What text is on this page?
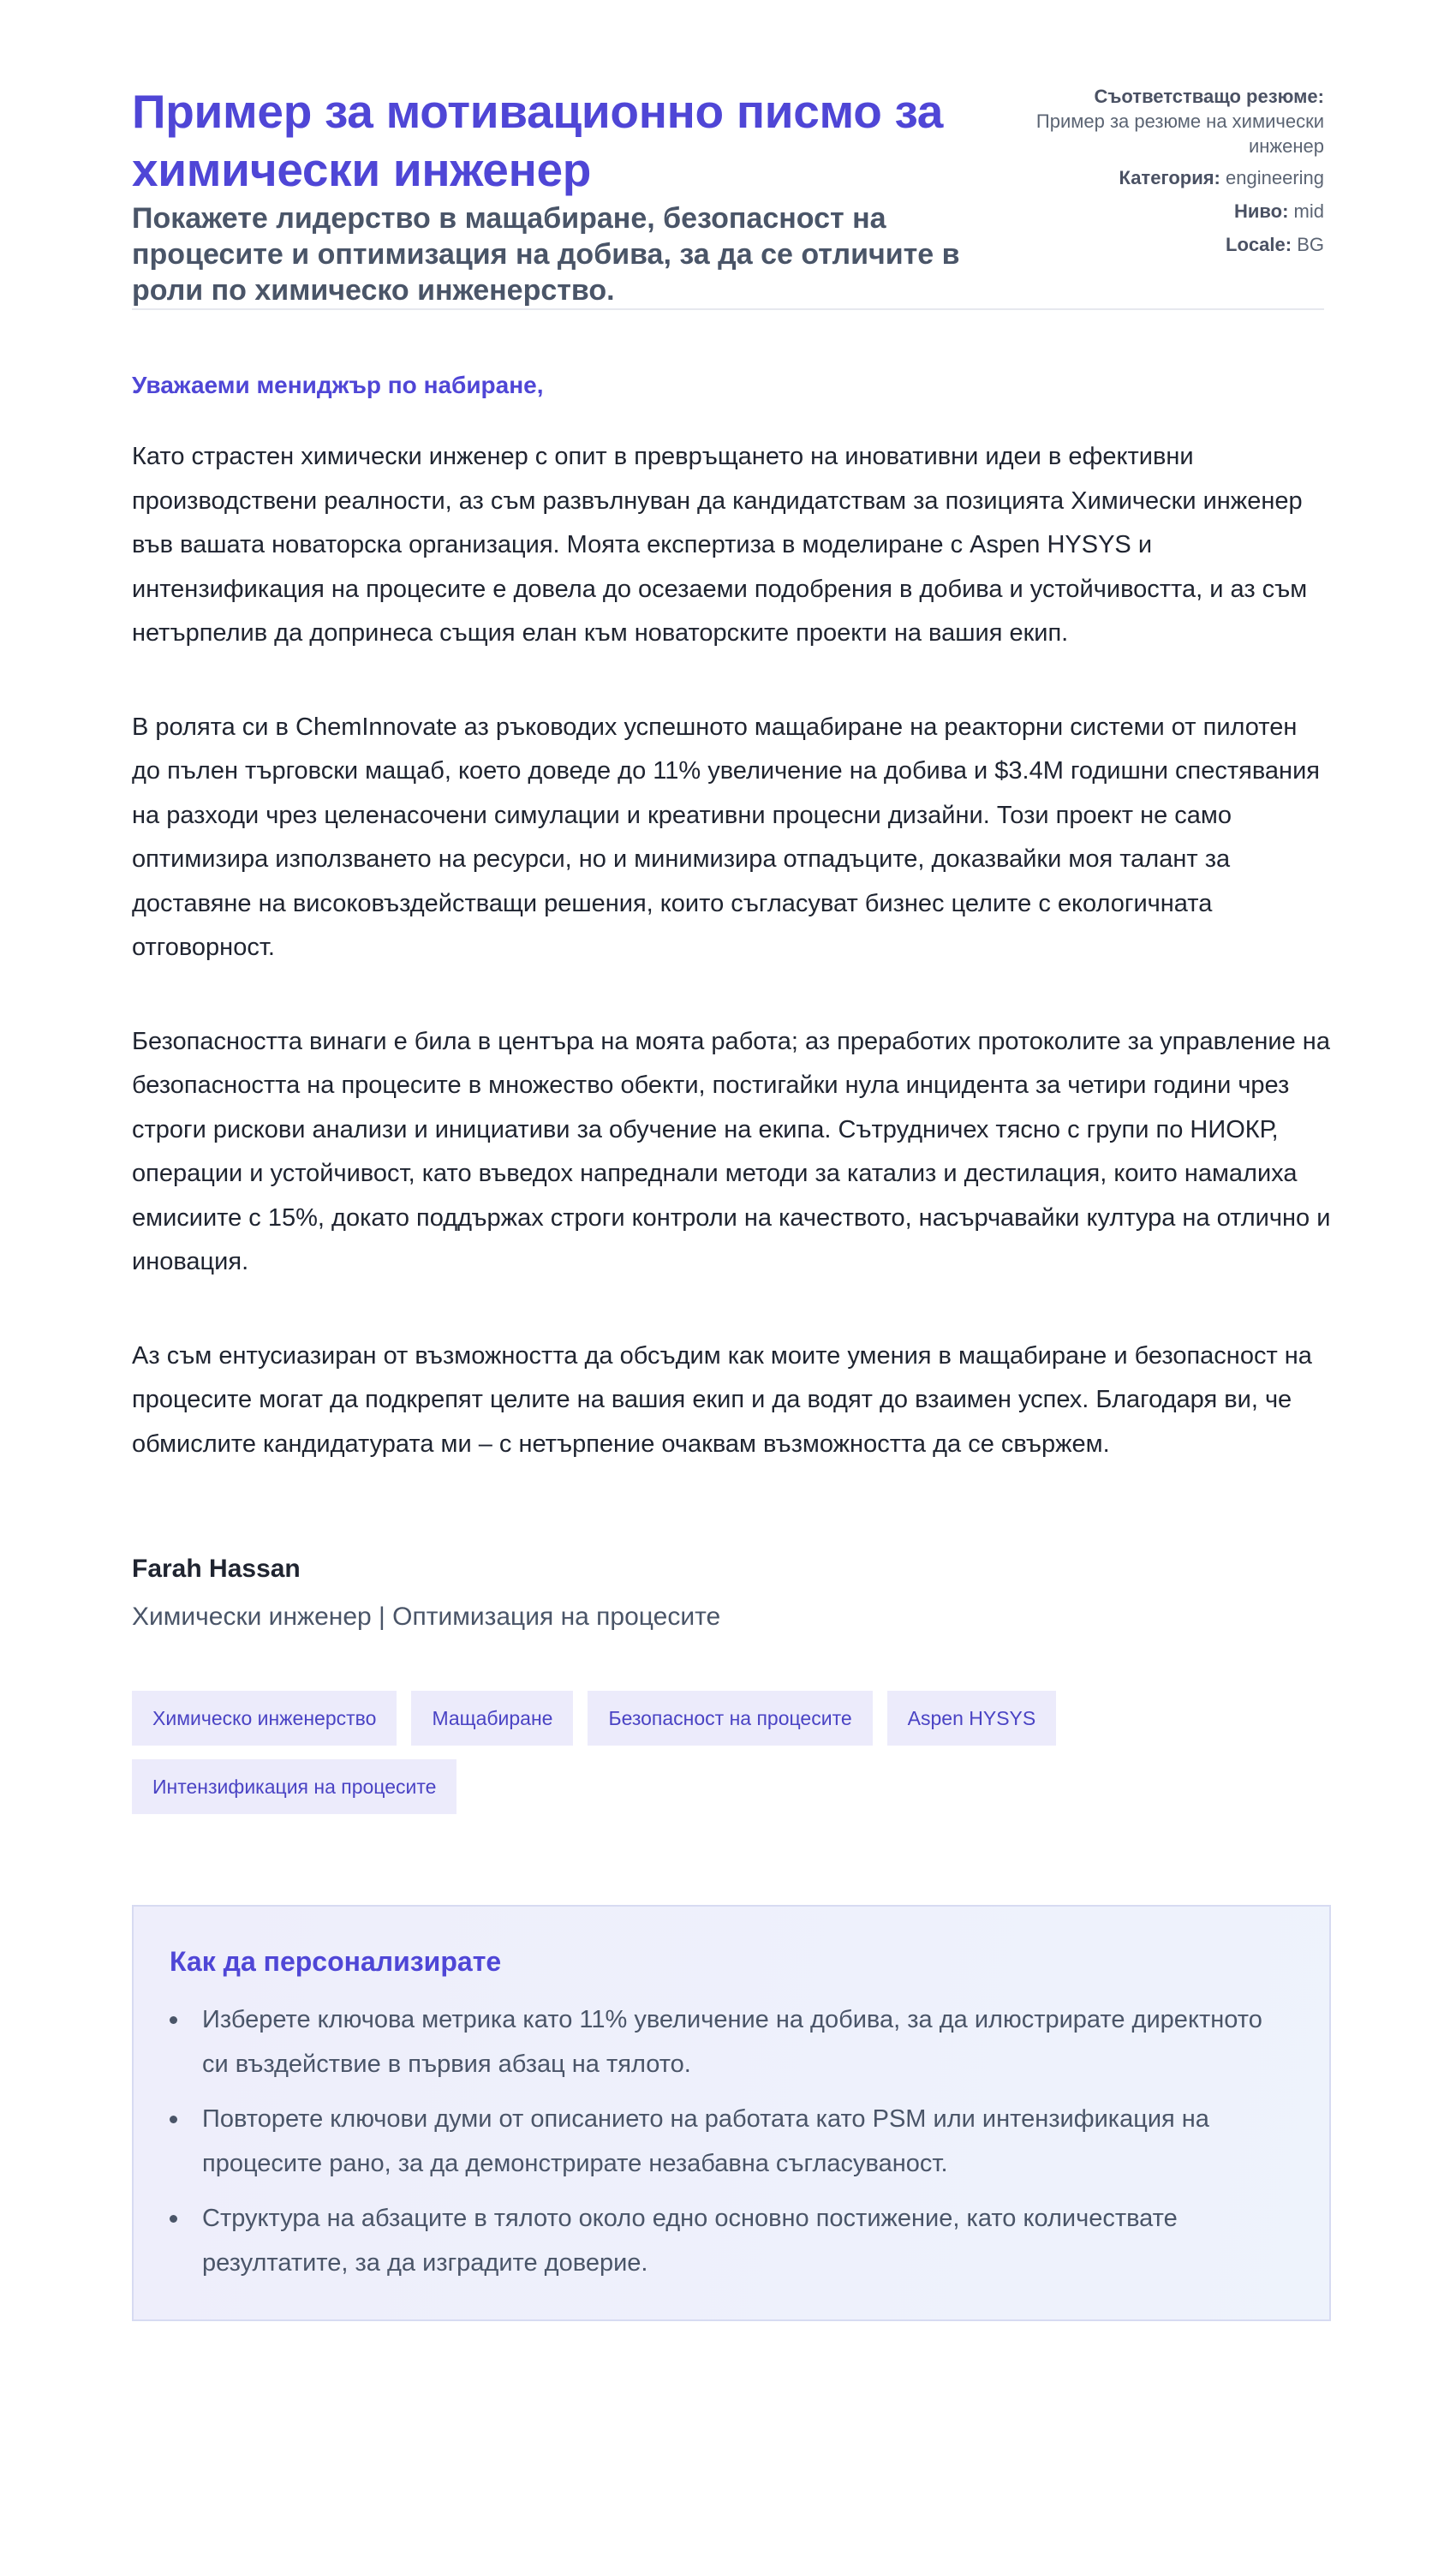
Пример за мотивационно писмо за химически инженер
Покажете лидерство в мащабиране, безопасност на процесите и оптимизация на добива, за да се отличите в роли по химическо инженерство.
Съответстващо резюме:
Пример за резюме на химически инженер
Категория: engineering
Ниво: mid
Locale: BG

Уважаеми мениджър по набиране,

Като страстен химически инженер с опит в превръщането на иновативни идеи в ефективни производствени реалности, аз съм развълнуван да кандидатствам за позицията Химически инженер във вашата новаторска организация. Моята експертиза в моделиране с Aspen HYSYS и интензификация на процесите е довела до осезаеми подобрения в добива и устойчивостта, и аз съм нетърпелив да допринеса същия елан към новаторските проекти на вашия екип.

В ролята си в ChemInnovate аз ръководих успешното мащабиране на реакторни системи от пилотен до пълен търговски мащаб, което доведе до 11% увеличение на добива и $3.4M годишни спестявания на разходи чрез целенасочени симулации и креативни процесни дизайни. Този проект не само оптимизира използването на ресурси, но и минимизира отпадъците, доказвайки моя талант за доставяне на високовъздействащи решения, които съгласуват бизнес целите с екологичната отговорност.

Безопасността винаги е била в центъра на моята работа; аз преработих протоколите за управление на безопасността на процесите в множество обекти, постигайки нула инцидента за четири години чрез строги рискови анализи и инициативи за обучение на екипа. Сътрудничех тясно с групи по НИОКР, операции и устойчивост, като въведох напреднали методи за катализ и дестилация, които намалиха емисиите с 15%, докато поддържах строги контроли на качеството, насърчавайки култура на отлично и иновация.

Аз съм ентусиазиран от възможността да обсъдим как моите умения в мащабиране и безопасност на процесите могат да подкрепят целите на вашия екип и да водят до взаимен успех. Благодаря ви, че обмислите кандидатурата ми – с нетърпение очаквам възможността да се свържем.

Farah Hassan
Химически инженер | Оптимизация на процесите
Химическо инженерство	Мащабиране	Безопасност на процесите	Aspen HYSYS
Интензификация на процесите
Как да персонализирате
Изберете ключова метрика като 11% увеличение на добива, за да илюстрирате директното си въздействие в първия абзац на тялото.
Повторете ключови думи от описанието на работата като PSM или интензификация на процесите рано, за да демонстрирате незабавна съгласуваност.
Структура на абзаците в тялото около едно основно постижение, като количествате резултатите, за да изградите доверие.
